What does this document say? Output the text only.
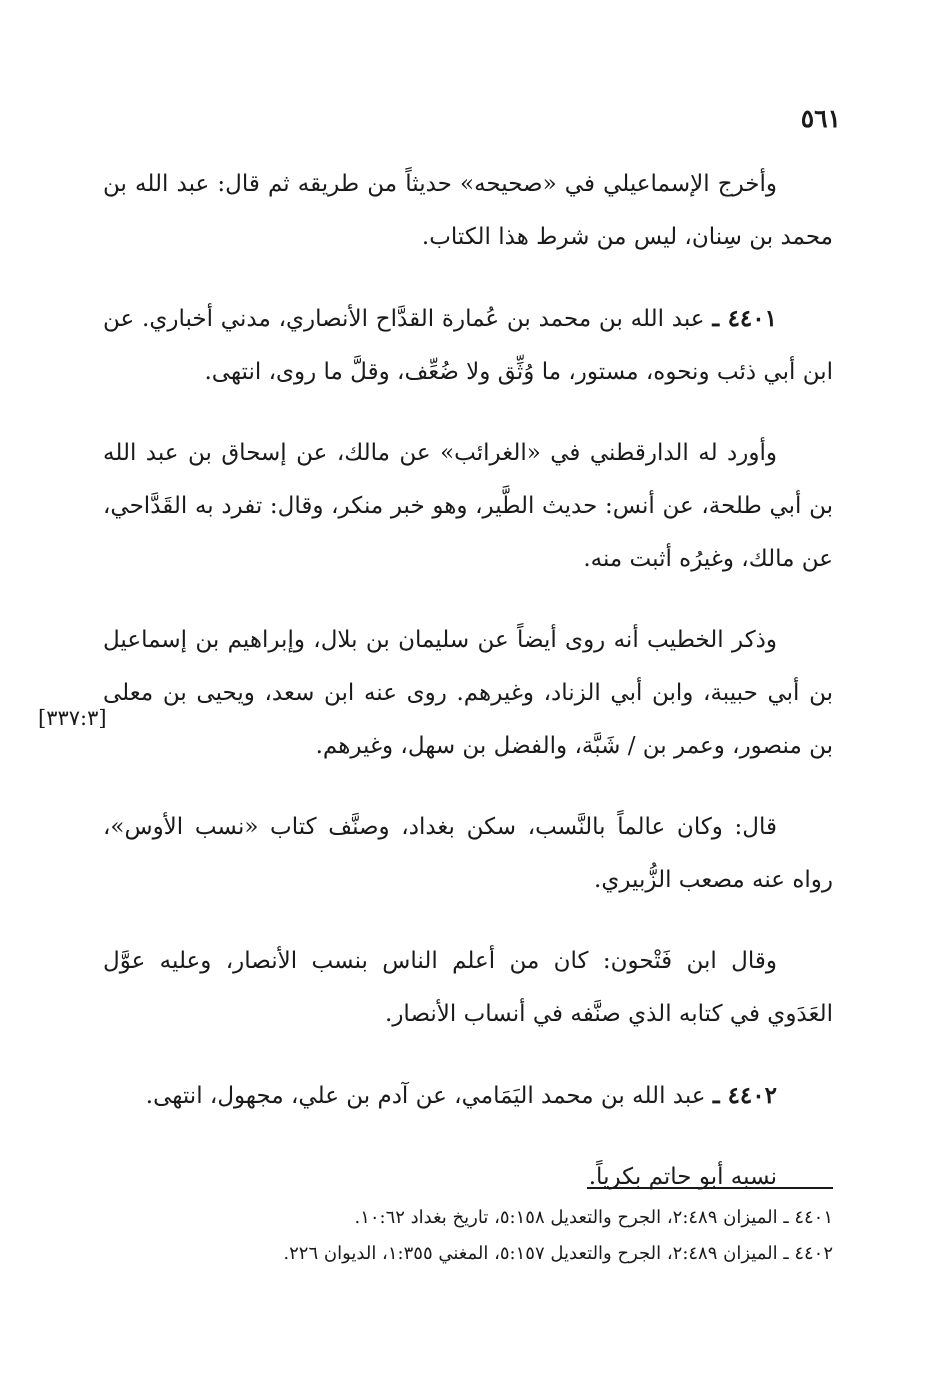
٥٦١

وأخرج الإسماعيلي في «صحيحه» حديثاً من طريقه ثم قال: عبد الله بن محمد بن سِنان، ليس من شرط هذا الكتاب.

٤٤٠١ ـ عبد الله بن محمد بن عُمارة القدَّاح الأنصاري، مدني أخباري. عن ابن أبي ذئب ونحوه، مستور، ما وُثِّق ولا ضُعِّف، وقلَّ ما روى، انتهى.

وأورد له الدارقطني في «الغرائب» عن مالك، عن إسحاق بن عبد الله بن أبي طلحة، عن أنس: حديث الطَّير، وهو خبر منكر، وقال: تفرد به القَدَّاحي، عن مالك، وغيرُه أثبت منه.

وذكر الخطيب أنه روى أيضاً عن سليمان بن بلال، وإبراهيم بن إسماعيل بن أبي حبيبة، وابن أبي الزناد، وغيرهم. روى عنه ابن سعد، ويحيى بن معلى بن منصور، وعمر بن / شَبَّة، والفضل بن سهل، وغيرهم.

قال: وكان عالماً بالنَّسب، سكن بغداد، وصنَّف كتاب «نسب الأوس»، رواه عنه مصعب الزُّبيري.

وقال ابن فَتْحون: كان من أعلم الناس بنسب الأنصار، وعليه عوَّل العَدَوي في كتابه الذي صنَّفه في أنساب الأنصار.

٤٤٠٢ ـ عبد الله بن محمد اليَمَامي، عن آدم بن علي، مجهول، انتهى.

نسبه أبو حاتم بكرياً.

[٣٣٧:٣]
٤٤٠١ ـ الميزان ٢:٤٨٩، الجرح والتعديل ٥:١٥٨، تاريخ بغداد ١٠:٦٢.
٤٤٠٢ ـ الميزان ٢:٤٨٩، الجرح والتعديل ٥:١٥٧، المغني ١:٣٥٥، الديوان ٢٢٦.
